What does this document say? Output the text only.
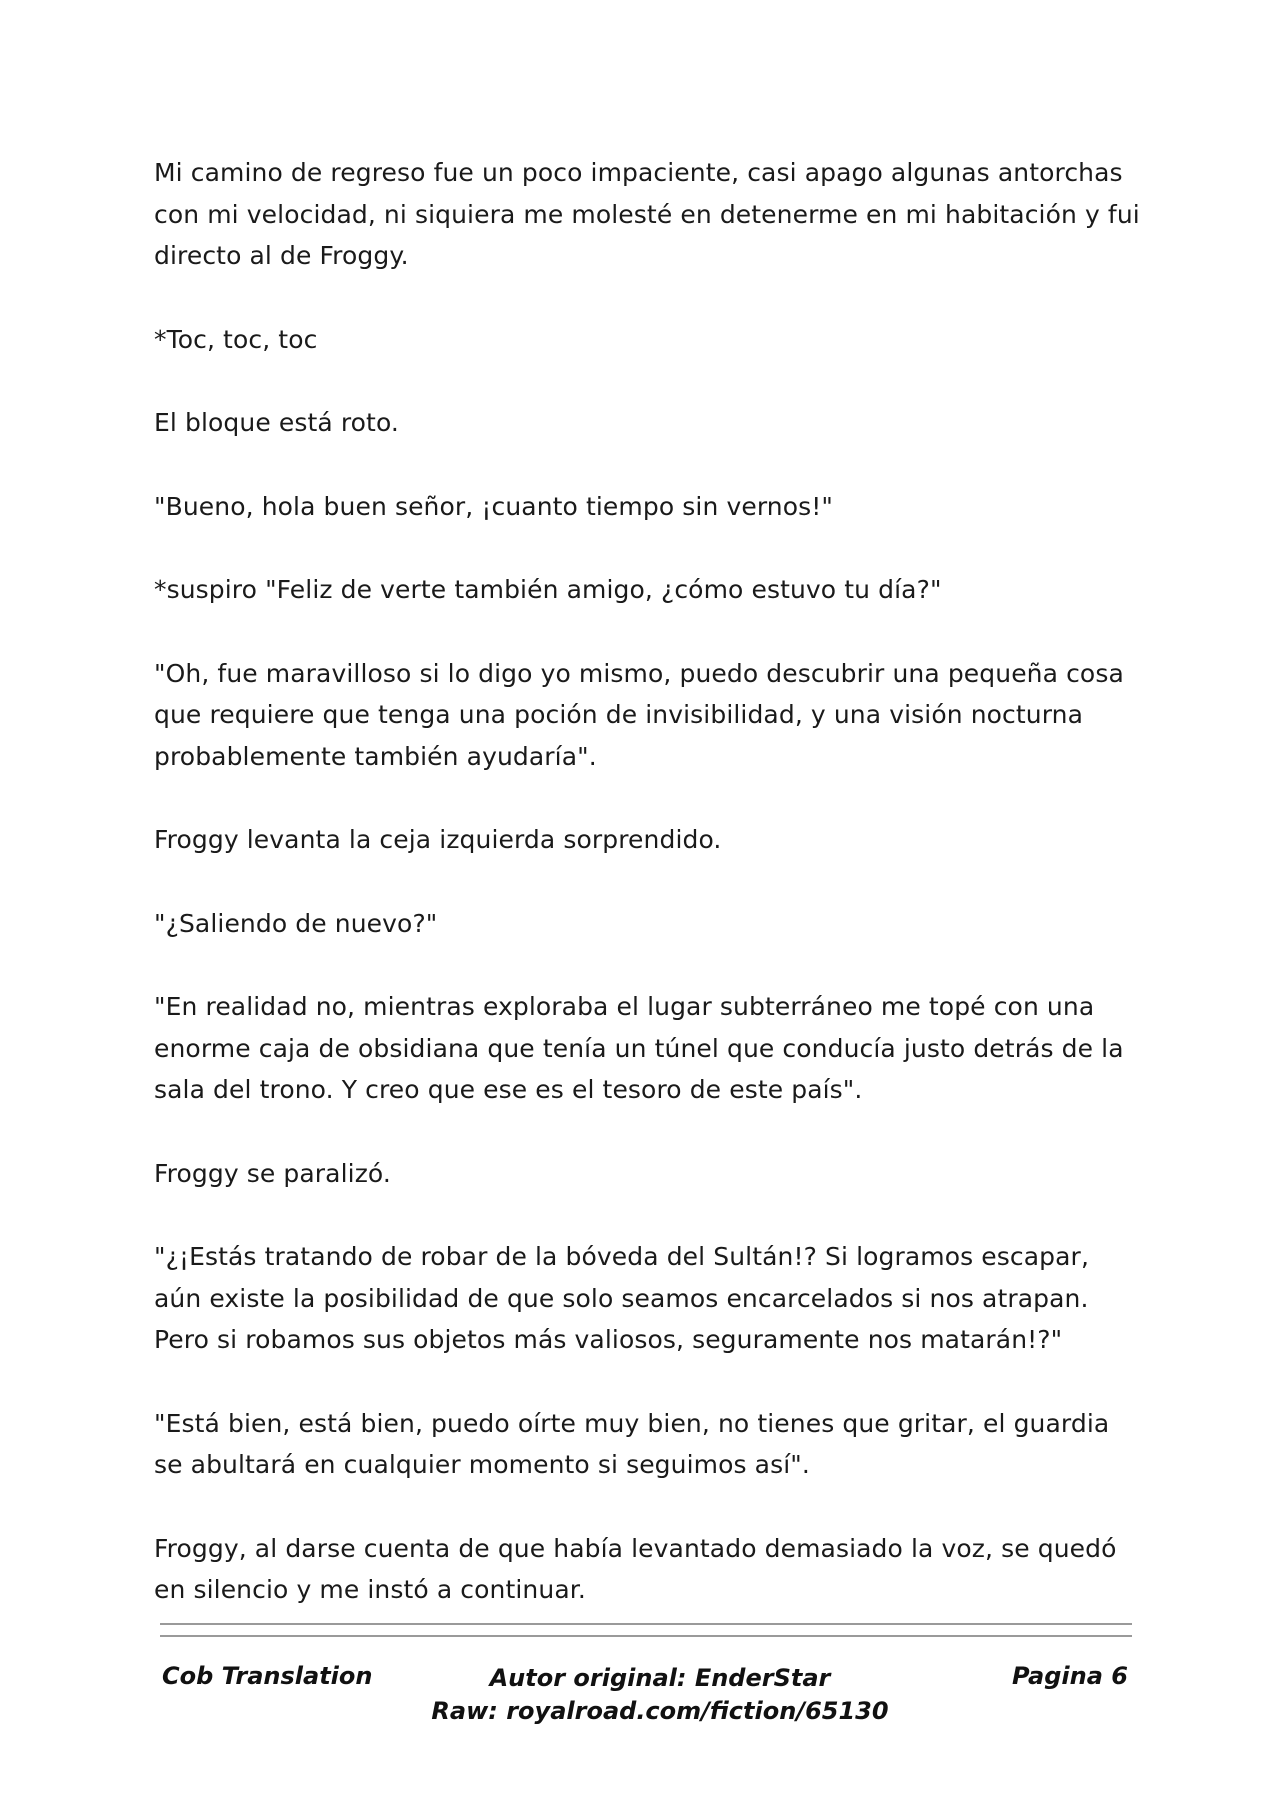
Mi camino de regreso fue un poco impaciente, casi apago algunas antorchas con mi velocidad, ni siquiera me molesté en detenerme en mi habitación y fui directo al de Froggy.

*Toc, toc, toc

El bloque está roto.

"Bueno, hola buen señor, ¡cuanto tiempo sin vernos!"

*suspiro "Feliz de verte también amigo, ¿cómo estuvo tu día?"

"Oh, fue maravilloso si lo digo yo mismo, puedo descubrir una pequeña cosa que requiere que tenga una poción de invisibilidad, y una visión nocturna probablemente también ayudaría".

Froggy levanta la ceja izquierda sorprendido.

"¿Saliendo de nuevo?"

"En realidad no, mientras exploraba el lugar subterráneo me topé con una enorme caja de obsidiana que tenía un túnel que conducía justo detrás de la sala del trono. Y creo que ese es el tesoro de este país".

Froggy se paralizó.

"¿¡Estás tratando de robar de la bóveda del Sultán!? Si logramos escapar, aún existe la posibilidad de que solo seamos encarcelados si nos atrapan. Pero si robamos sus objetos más valiosos, seguramente nos matarán!?"

"Está bien, está bien, puedo oírte muy bien, no tienes que gritar, el guardia se abultará en cualquier momento si seguimos así".

Froggy, al darse cuenta de que había levantado demasiado la voz, se quedó en silencio y me instó a continuar.

Cob Translation	Autor original: EnderStar
Raw: royalroad.com/fiction/65130
Pagina 6
